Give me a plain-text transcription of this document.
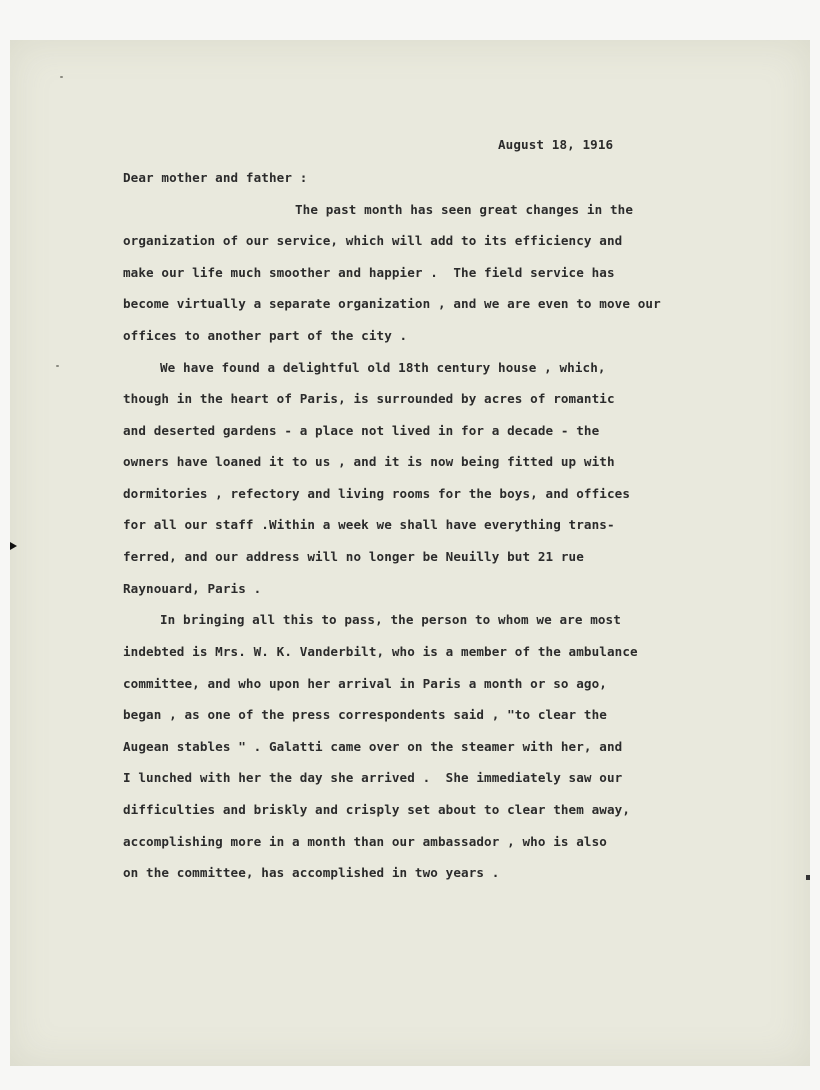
August 18, 1916

Dear mother and father :

The past month has seen great changes in the

organization of our service, which will add to its efficiency and

make our life much smoother and happier .  The field service has

become virtually a separate organization , and we are even to move our

offices to another part of the city .

We have found a delightful old 18th century house , which,

though in the heart of Paris, is surrounded by acres of romantic

and deserted gardens - a place not lived in for a decade - the

owners have loaned it to us , and it is now being fitted up with

dormitories , refectory and living rooms for the boys, and offices

for all our staff .Within a week we shall have everything trans-

ferred, and our address will no longer be Neuilly but 21 rue

Raynouard, Paris .

In bringing all this to pass, the person to whom we are most

indebted is Mrs. W. K. Vanderbilt, who is a member of the ambulance

committee, and who upon her arrival in Paris a month or so ago,

began , as one of the press correspondents said , "to clear the

Augean stables " . Galatti came over on the steamer with her, and

I lunched with her the day she arrived .  She immediately saw our

difficulties and briskly and crisply set about to clear them away,

accomplishing more in a month than our ambassador , who is also

on the committee, has accomplished in two years .
